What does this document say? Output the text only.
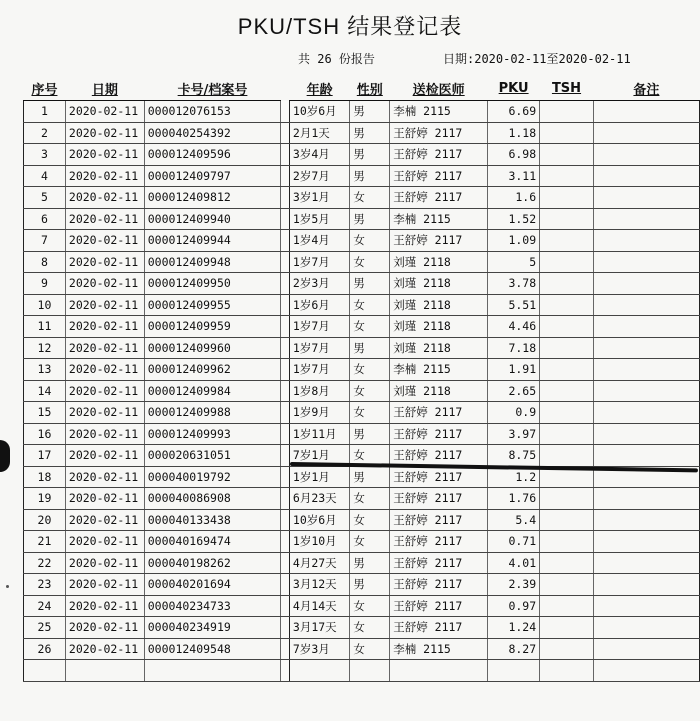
PKU/TSH 结果登记表
共 26 份报告	日期:2020-02-11至2020-02-11
序号	日期	卡号/档案号		年龄	性别	送检医师	PKU	TSH	备注
1	2020-02-11	000012076153		10岁6月	男	李楠 2115	6.69		
2	2020-02-11	000040254392		2月1天	男	王舒婷 2117	1.18		
3	2020-02-11	000012409596		3岁4月	男	王舒婷 2117	6.98		
4	2020-02-11	000012409797		2岁7月	男	王舒婷 2117	3.11		
5	2020-02-11	000012409812		3岁1月	女	王舒婷 2117	1.6		
6	2020-02-11	000012409940		1岁5月	男	李楠 2115	1.52		
7	2020-02-11	000012409944		1岁4月	女	王舒婷 2117	1.09		
8	2020-02-11	000012409948		1岁7月	女	刘瑾 2118	5		
9	2020-02-11	000012409950		2岁3月	男	刘瑾 2118	3.78		
10	2020-02-11	000012409955		1岁6月	女	刘瑾 2118	5.51		
11	2020-02-11	000012409959		1岁7月	女	刘瑾 2118	4.46		
12	2020-02-11	000012409960		1岁7月	男	刘瑾 2118	7.18		
13	2020-02-11	000012409962		1岁7月	女	李楠 2115	1.91		
14	2020-02-11	000012409984		1岁8月	女	刘瑾 2118	2.65		
15	2020-02-11	000012409988		1岁9月	女	王舒婷 2117	0.9		
16	2020-02-11	000012409993		1岁11月	男	王舒婷 2117	3.97		
17	2020-02-11	000020631051		7岁1月	女	王舒婷 2117	8.75		
18	2020-02-11	000040019792		1岁1月	男	王舒婷 2117	1.2		
19	2020-02-11	000040086908		6月23天	女	王舒婷 2117	1.76		
20	2020-02-11	000040133438		10岁6月	女	王舒婷 2117	5.4		
21	2020-02-11	000040169474		1岁10月	女	王舒婷 2117	0.71		
22	2020-02-11	000040198262		4月27天	男	王舒婷 2117	4.01		
23	2020-02-11	000040201694		3月12天	男	王舒婷 2117	2.39		
24	2020-02-11	000040234733		4月14天	女	王舒婷 2117	0.97		
25	2020-02-11	000040234919		3月17天	女	王舒婷 2117	1.24		
26	2020-02-11	000012409548		7岁3月	女	李楠 2115	8.27		
